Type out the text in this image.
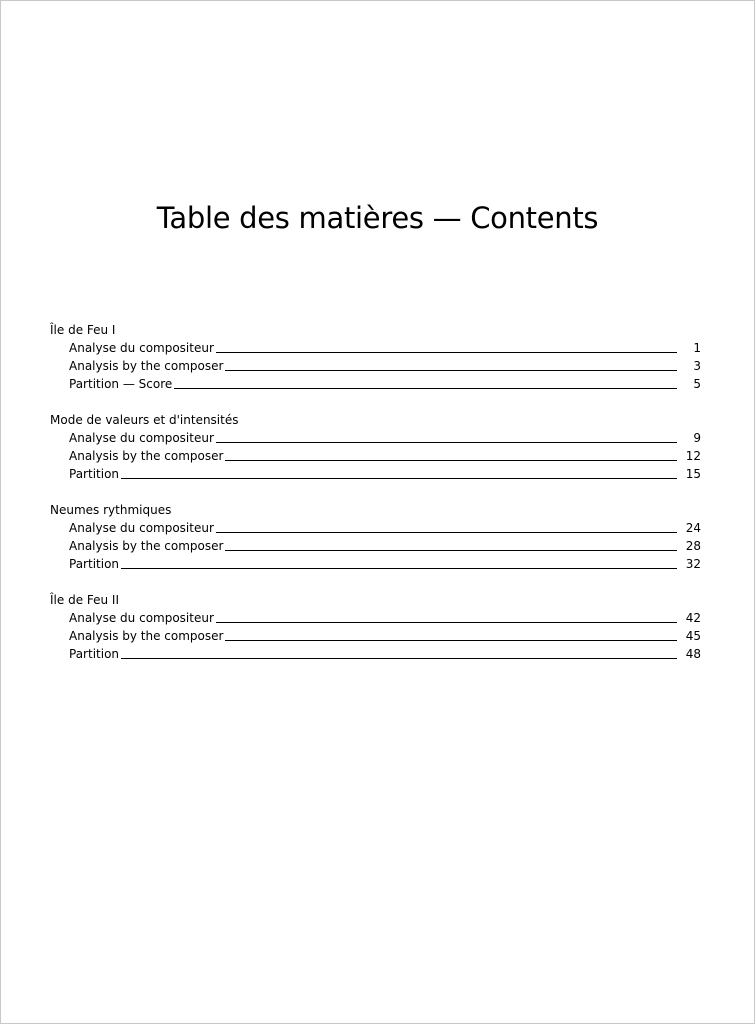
Table des matières — Contents
Île de Feu I
Analyse du compositeur	1
Analysis by the composer	3
Partition — Score	5
Mode de valeurs et d'intensités
Analyse du compositeur	9
Analysis by the composer	12
Partition	15
Neumes rythmiques
Analyse du compositeur	24
Analysis by the composer	28
Partition	32
Île de Feu II
Analyse du compositeur	42
Analysis by the composer	45
Partition	48
